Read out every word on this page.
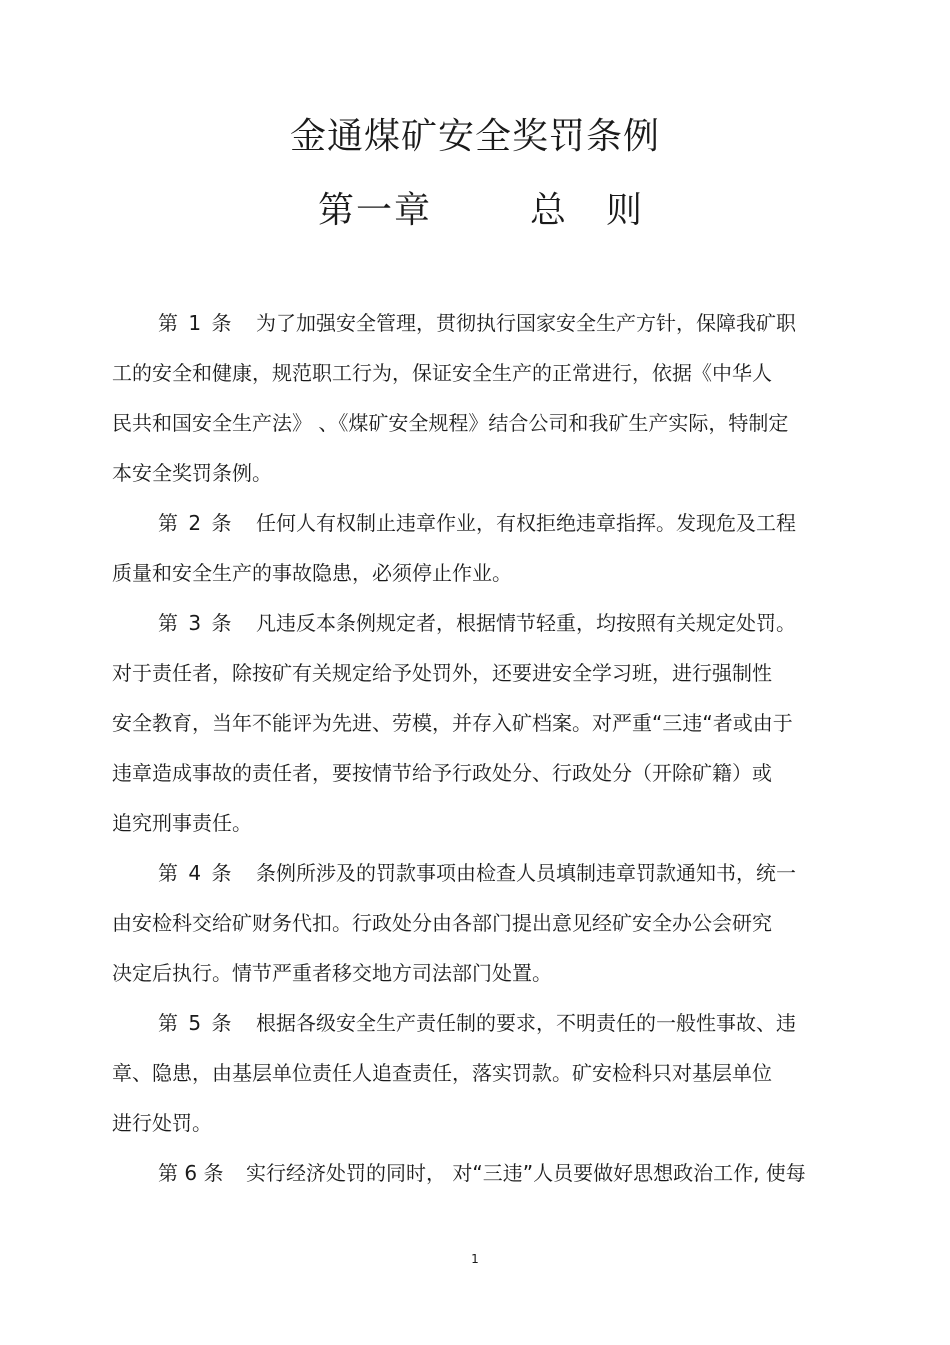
金通煤矿安全奖罚条例
第一章	总则
第 1 条 为了加强安全管理，贯彻执行国家安全生产方针，保障我矿职
工的安全和健康，规范职工行为，保证安全生产的正常进行，依据《中华人
民共和国安全生产法》 、《煤矿安全规程》结合公司和我矿生产实际，特制定
本安全奖罚条例。
第 2 条 任何人有权制止违章作业，有权拒绝违章指挥。发现危及工程
质量和安全生产的事故隐患，必须停止作业。
第 3 条 凡违反本条例规定者，根据情节轻重，均按照有关规定处罚。
对于责任者，除按矿有关规定给予处罚外，还要进安全学习班，进行强制性
安全教育，当年不能评为先进、劳模，并存入矿档案。对严重“三违“者或由于
违章造成事故的责任者，要按情节给予行政处分、行政处分（开除矿籍）或
追究刑事责任。
第 4 条 条例所涉及的罚款事项由检查人员填制违章罚款通知书，统一
由安检科交给矿财务代扣。行政处分由各部门提出意见经矿安全办公会研究
决定后执行。情节严重者移交地方司法部门处置。
第 5 条 根据各级安全生产责任制的要求，不明责任的一般性事故、违
章、隐患，由基层单位责任人追查责任，落实罚款。矿安检科只对基层单位
进行处罚。
第 6 条 实行经济处罚的同时， 对“三违”人员要做好思想政治工作, 使每
1
